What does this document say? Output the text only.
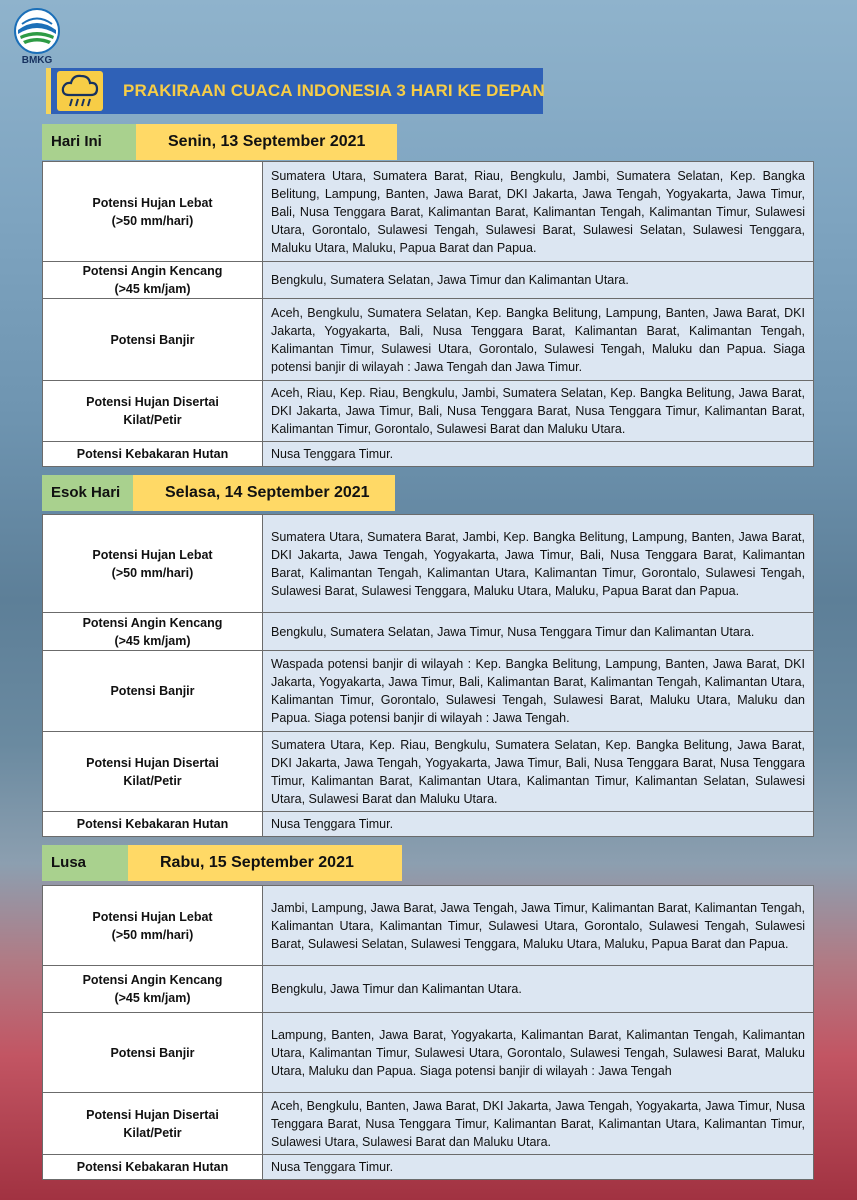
BMKG
PRAKIRAAN CUACA INDONESIA 3 HARI KE DEPAN
Hari Ini	Senin, 13 September 2021
Potensi Hujan Lebat
(>50 mm/hari)	Sumatera Utara, Sumatera Barat, Riau, Bengkulu, Jambi, Sumatera Selatan, Kep. Bangka Belitung, Lampung, Banten, Jawa Barat, DKI Jakarta, Jawa Tengah, Yogyakarta, Jawa Timur, Bali, Nusa Tenggara Barat, Kalimantan Barat, Kalimantan Tengah, Kalimantan Timur, Sulawesi Utara, Gorontalo, Sulawesi Tengah, Sulawesi Barat, Sulawesi Selatan, Sulawesi Tenggara, Maluku Utara, Maluku, Papua Barat dan Papua.
Potensi Angin Kencang
(>45 km/jam)	Bengkulu, Sumatera Selatan, Jawa Timur dan Kalimantan Utara.
Potensi Banjir	Aceh, Bengkulu, Sumatera Selatan, Kep. Bangka Belitung, Lampung, Banten, Jawa Barat, DKI Jakarta, Yogyakarta, Bali, Nusa Tenggara Barat, Kalimantan Barat, Kalimantan Tengah, Kalimantan Timur, Sulawesi Utara, Gorontalo, Sulawesi Tengah, Maluku dan Papua. Siaga potensi banjir di wilayah : Jawa Tengah dan Jawa Timur.
Potensi Hujan Disertai
Kilat/Petir	Aceh, Riau, Kep. Riau, Bengkulu, Jambi, Sumatera Selatan, Kep. Bangka Belitung, Jawa Barat, DKI Jakarta, Jawa Timur, Bali, Nusa Tenggara Barat, Nusa Tenggara Timur, Kalimantan Barat, Kalimantan Timur, Gorontalo, Sulawesi Barat dan Maluku Utara.
Potensi Kebakaran Hutan	Nusa Tenggara Timur.
Esok Hari	Selasa, 14 September 2021
Potensi Hujan Lebat
(>50 mm/hari)	Sumatera Utara, Sumatera Barat, Jambi, Kep. Bangka Belitung, Lampung, Banten, Jawa Barat, DKI Jakarta, Jawa Tengah, Yogyakarta, Jawa Timur, Bali, Nusa Tenggara Barat, Kalimantan Barat, Kalimantan Tengah, Kalimantan Utara, Kalimantan Timur, Gorontalo, Sulawesi Tengah, Sulawesi Barat, Sulawesi Tenggara, Maluku Utara, Maluku, Papua Barat dan Papua.
Potensi Angin Kencang
(>45 km/jam)	Bengkulu, Sumatera Selatan, Jawa Timur, Nusa Tenggara Timur dan Kalimantan Utara.
Potensi Banjir	Waspada potensi banjir di wilayah : Kep. Bangka Belitung, Lampung, Banten, Jawa Barat, DKI Jakarta, Yogyakarta, Jawa Timur, Bali, Kalimantan Barat, Kalimantan Tengah, Kalimantan Utara, Kalimantan Timur, Gorontalo, Sulawesi Tengah, Sulawesi Barat, Maluku Utara, Maluku dan Papua. Siaga potensi banjir di wilayah : Jawa Tengah.
Potensi Hujan Disertai
Kilat/Petir	Sumatera Utara, Kep. Riau, Bengkulu, Sumatera Selatan, Kep. Bangka Belitung, Jawa Barat, DKI Jakarta, Jawa Tengah, Yogyakarta, Jawa Timur, Bali, Nusa Tenggara Barat, Nusa Tenggara Timur, Kalimantan Barat, Kalimantan Utara, Kalimantan Timur, Kalimantan Selatan, Sulawesi Utara, Sulawesi Barat dan Maluku Utara.
Potensi Kebakaran Hutan	Nusa Tenggara Timur.
Lusa	Rabu, 15 September 2021
Potensi Hujan Lebat
(>50 mm/hari)	Jambi, Lampung, Jawa Barat, Jawa Tengah, Jawa Timur, Kalimantan Barat, Kalimantan Tengah, Kalimantan Utara, Kalimantan Timur, Sulawesi Utara, Gorontalo, Sulawesi Tengah, Sulawesi Barat, Sulawesi Selatan, Sulawesi Tenggara, Maluku Utara, Maluku, Papua Barat dan Papua.
Potensi Angin Kencang
(>45 km/jam)	Bengkulu, Jawa Timur dan Kalimantan Utara.
Potensi Banjir	Lampung, Banten, Jawa Barat, Yogyakarta, Kalimantan Barat, Kalimantan Tengah, Kalimantan Utara, Kalimantan Timur, Sulawesi Utara, Gorontalo, Sulawesi Tengah, Sulawesi Barat, Maluku Utara, Maluku dan Papua. Siaga potensi banjir di wilayah : Jawa Tengah
Potensi Hujan Disertai
Kilat/Petir	Aceh, Bengkulu, Banten, Jawa Barat, DKI Jakarta, Jawa Tengah, Yogyakarta, Jawa Timur, Nusa Tenggara Barat, Nusa Tenggara Timur, Kalimantan Barat, Kalimantan Utara, Kalimantan Timur, Sulawesi Utara, Sulawesi Barat dan Maluku Utara.
Potensi Kebakaran Hutan	Nusa Tenggara Timur.
